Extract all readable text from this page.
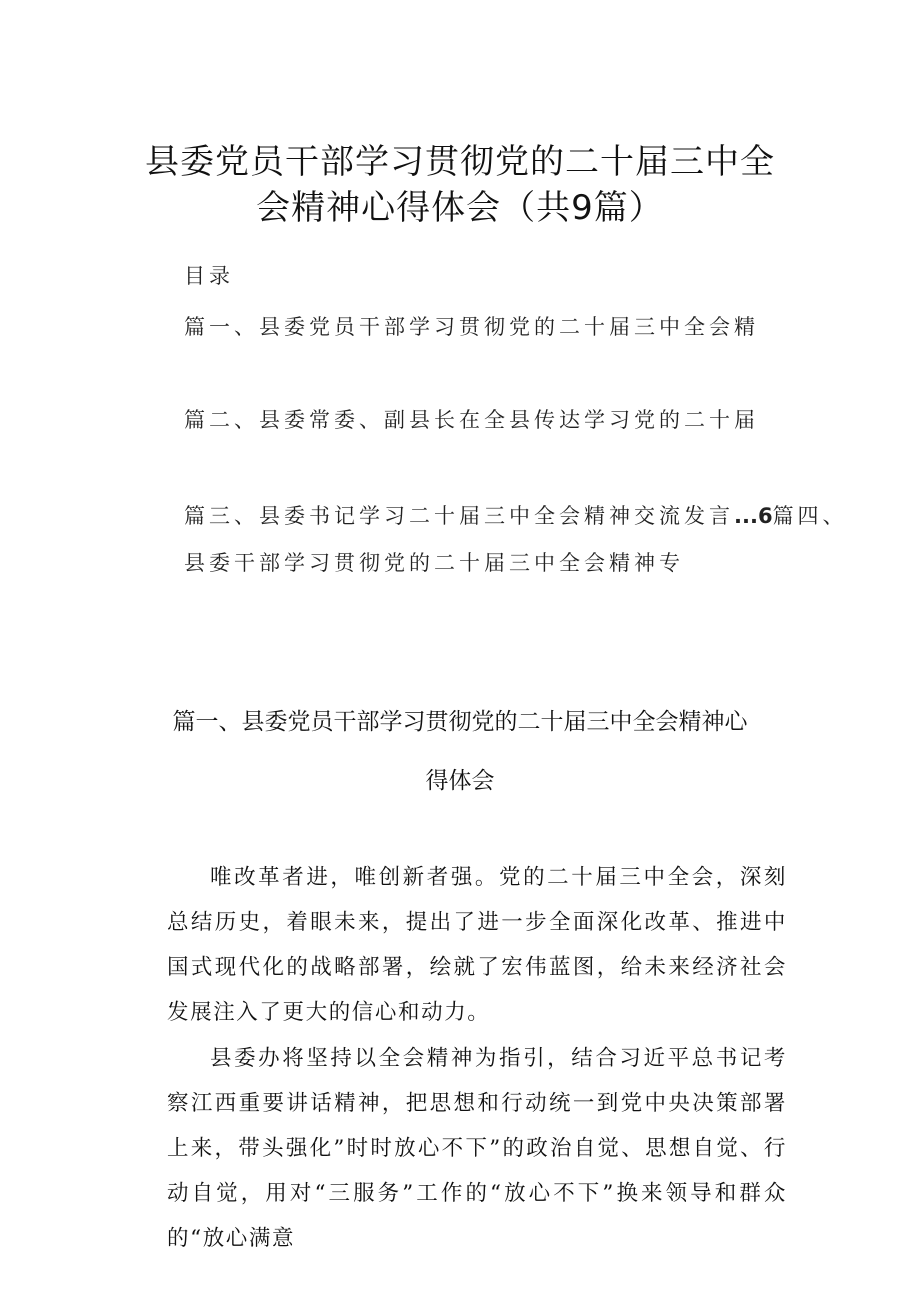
县委党员干部学习贯彻党的二十届三中全
会精神心得体会（共9篇）
目录
篇一、县委党员干部学习贯彻党的二十届三中全会精
篇二、县委常委、副县长在全县传达学习党的二十届
篇三、县委书记学习二十届三中全会精神交流发言...6篇四、
县委干部学习贯彻党的二十届三中全会精神专
篇一、县委党员干部学习贯彻党的二十届三中全会精神心
得体会
唯改革者进，唯创新者强。党的二十届三中全会，深刻总结历史，着眼未来，提出了进一步全面深化改革、推进中国式现代化的战略部署，绘就了宏伟蓝图，给未来经济社会发展注入了更大的信心和动力。
县委办将坚持以全会精神为指引，结合习近平总书记考察江西重要讲话精神，把思想和行动统一到党中央决策部署上来，带头强化”时时放心不下”的政治自觉、思想自觉、行动自觉，用对“三服务”工作的“放心不下”换来领导和群众的“放心满意
